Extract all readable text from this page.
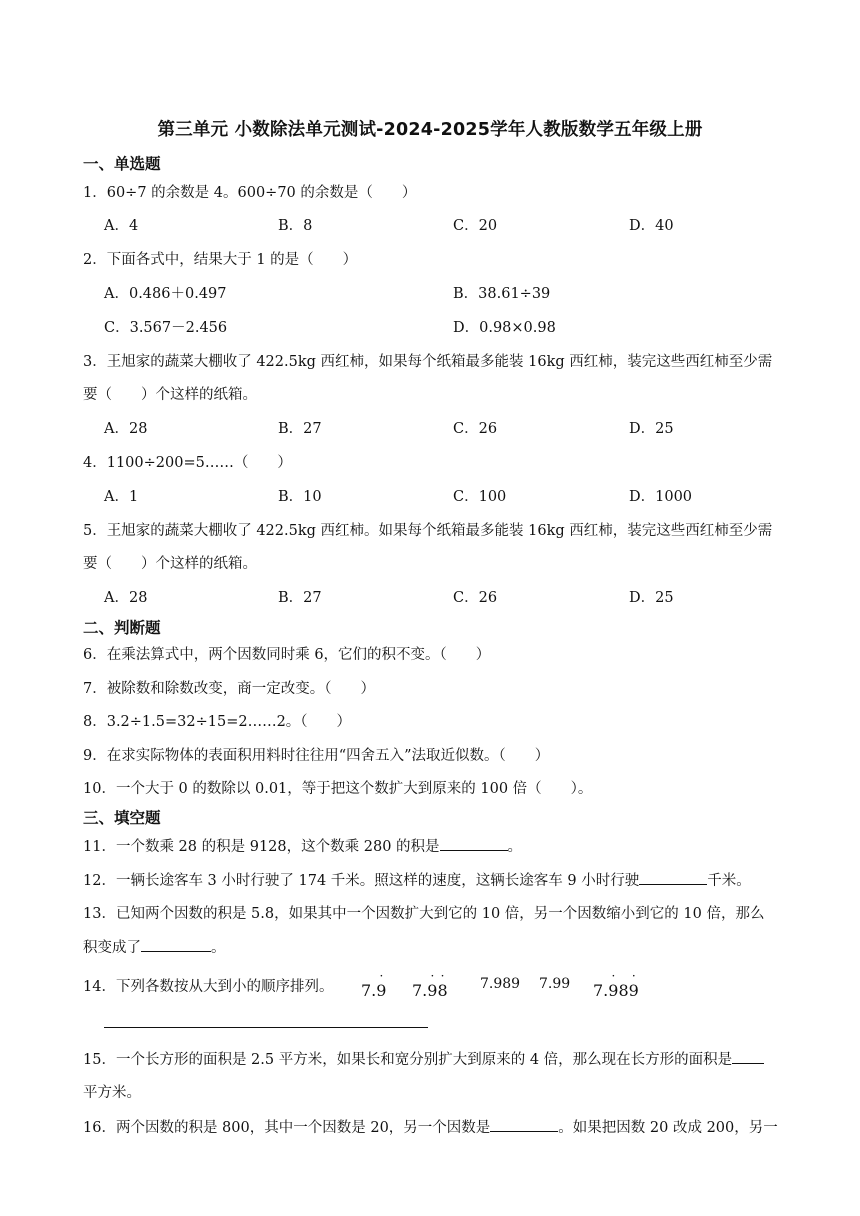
第三单元 小数除法单元测试-2024-2025学年人教版数学五年级上册
一、单选题
1．60÷7 的余数是 4。600÷70 的余数是（　　）
A．4	B．8	C．20	D．40
2．下面各式中，结果大于 1 的是（　　）
A．0.486＋0.497	B．38.61÷39
C．3.567－2.456	D．0.98×0.98
3．王旭家的蔬菜大棚收了 422.5kg 西红柿，如果每个纸箱最多能装 16kg 西红柿，装完这些西红柿至少需
要（　　）个这样的纸箱。
A．28	B．27	C．26	D．25
4．1100÷200=5……（　　）
A．1	B．10	C．100	D．1000
5．王旭家的蔬菜大棚收了 422.5kg 西红柿。如果每个纸箱最多能装 16kg 西红柿，装完这些西红柿至少需
要（　　）个这样的纸箱。
A．28	B．27	C．26	D．25
二、判断题
6．在乘法算式中，两个因数同时乘 6，它们的积不变。（　　）
7．被除数和除数改变，商一定改变。（　　）
8．3.2÷1.5=32÷15=2……2。（　　）
9．在求实际物体的表面积用料时往往用“四舍五入”法取近似数。（　　）
10．一个大于 0 的数除以 0.01，等于把这个数扩大到原来的 100 倍（　　）。
三、填空题
11．一个数乘 28 的积是 9128，这个数乘 280 的积是	。
12．一辆长途客车 3 小时行驶了 174 千米。照这样的速度，这辆长途客车 9 小时行驶	千米。
13．已知两个因数的积是 5.8，如果其中一个因数扩大到它的 10 倍，另一个因数缩小到它的 10 倍，那么
积变成了	。
14．下列各数按从大到小的顺序排列。 7.· 9 7.· 9· 8 7.989 7.99 7.· 98· 9
15．一个长方形的面积是 2.5 平方米，如果长和宽分别扩大到原来的 4 倍，那么现在长方形的面积是
平方米。
16．两个因数的积是 800，其中一个因数是 20，另一个因数是	。如果把因数 20 改成 200，另一
